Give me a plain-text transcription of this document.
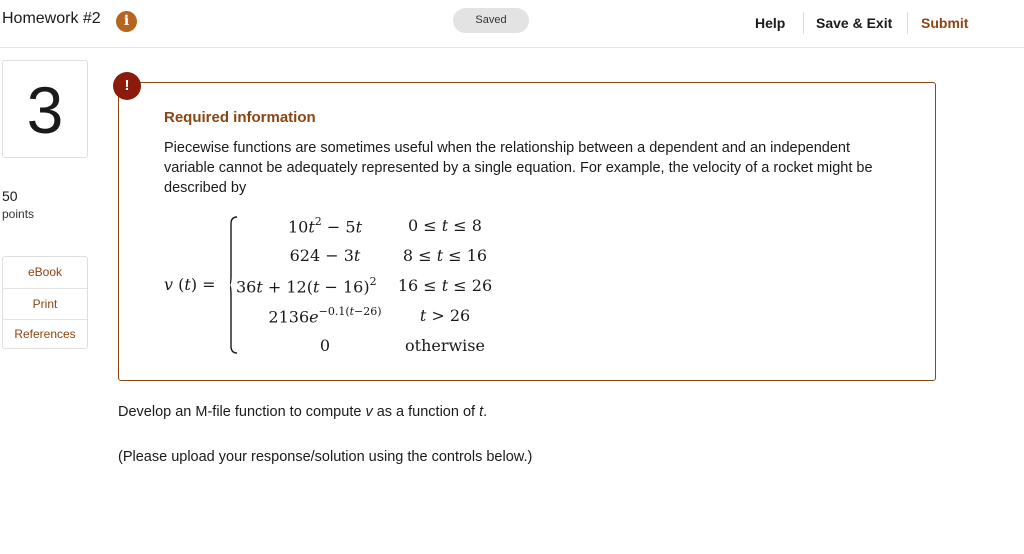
Homework #2	i	Saved	Help Save & Exit Submit
3
50
points
eBook
Print
References
!
Required information
Piecewise functions are sometimes useful when the relationship between a dependent and an independent variable cannot be adequately represented by a single equation. For example, the velocity of a rocket might be described by
v (t) =
$10t^2 - 5t$	0 ≤ t ≤ 8
624 − 3t	8 ≤ t ≤ 16
$36t + 12(t - 16)^2$ 16 ≤ t ≤ 26
$2136e^{-0.1(t-26)}$	t > 26
0	otherwise
Develop an M-file function to compute v as a function of t.
(Please upload your response/solution using the controls below.)
